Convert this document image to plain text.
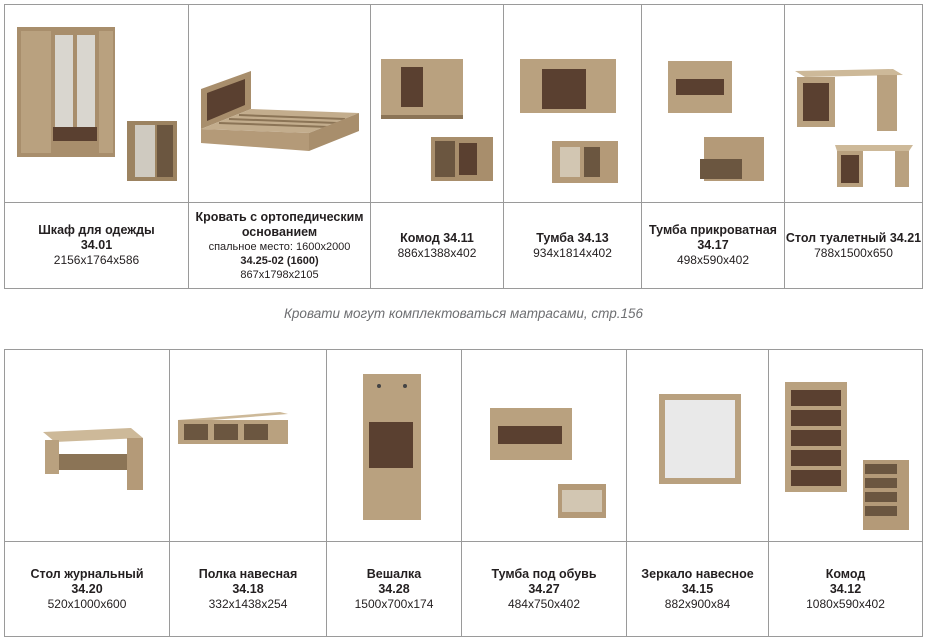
Шкаф для одежды
34.01
2156x1764x586	Кровать с ортопедическим основанием
спальное место: 1600x2000
34.25-02 (1600)
867x1798x2105	Комод 34.11
886x1388x402	Тумба 34.13
934x1814x402	Тумба прикроватная
34.17
498x590x402	Стол туалетный 34.21
788x1500x650
Кровати могут комплектоваться матрасами, стр.156

Стол журнальный
34.20
520x1000x600	Полка навесная
34.18
332x1438x254	Вешалка
34.28
1500x700x174	Тумба под обувь
34.27
484x750x402	Зеркало навесное
34.15
882x900x84	Комод
34.12
1080x590x402
